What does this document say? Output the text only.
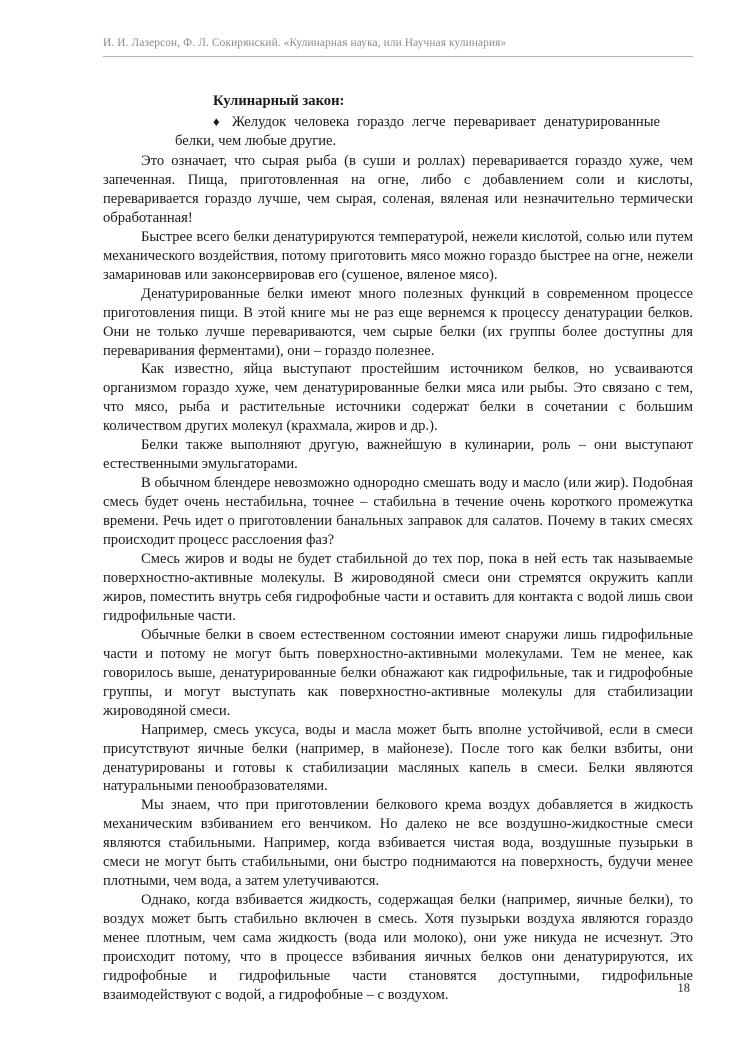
И. И. Лазерсон, Ф. Л. Сокирянский. «Кулинарная наука, или Научная кулинария»
Кулинарный закон:
♦ Желудок человека гораздо легче переваривает денатурированные
белки, чем любые другие.

Это означает, что сырая рыба (в суши и роллах) переваривается гораздо хуже, чем запеченная. Пища, приготовленная на огне, либо с добавлением соли и кислоты, переваривается гораздо лучше, чем сырая, соленая, вяленая или незначительно термически обработанная!

Быстрее всего белки денатурируются температурой, нежели кислотой, солью или путем механического воздействия, потому приготовить мясо можно гораздо быстрее на огне, нежели замариновав или законсервировав его (сушеное, вяленое мясо).

Денатурированные белки имеют много полезных функций в современном процессе приготовления пищи. В этой книге мы не раз еще вернемся к процессу денатурации белков. Они не только лучше перевариваются, чем сырые белки (их группы более доступны для переваривания ферментами), они – гораздо полезнее.

Как известно, яйца выступают простейшим источником белков, но усваиваются организмом гораздо хуже, чем денатурированные белки мяса или рыбы. Это связано с тем, что мясо, рыба и растительные источники содержат белки в сочетании с большим количеством других молекул (крахмала, жиров и др.).

Белки также выполняют другую, важнейшую в кулинарии, роль – они выступают естественными эмульгаторами.

В обычном блендере невозможно однородно смешать воду и масло (или жир). Подобная смесь будет очень нестабильна, точнее – стабильна в течение очень короткого промежутка времени. Речь идет о приготовлении банальных заправок для салатов. Почему в таких смесях происходит процесс расслоения фаз?

Смесь жиров и воды не будет стабильной до тех пор, пока в ней есть так называемые поверхностно-активные молекулы. В жироводяной смеси они стремятся окружить капли жиров, поместить внутрь себя гидрофобные части и оставить для контакта с водой лишь свои гидрофильные части.

Обычные белки в своем естественном состоянии имеют снаружи лишь гидрофильные части и потому не могут быть поверхностно-активными молекулами. Тем не менее, как говорилось выше, денатурированные белки обнажают как гидрофильные, так и гидрофобные группы, и могут выступать как поверхностно-активные молекулы для стабилизации жироводяной смеси.

Например, смесь уксуса, воды и масла может быть вполне устойчивой, если в смеси присутствуют яичные белки (например, в майонезе). После того как белки взбиты, они денатурированы и готовы к стабилизации масляных капель в смеси. Белки являются натуральными пенообразователями.

Мы знаем, что при приготовлении белкового крема воздух добавляется в жидкость механическим взбиванием его венчиком. Но далеко не все воздушно-жидкостные смеси являются стабильными. Например, когда взбивается чистая вода, воздушные пузырьки в смеси не могут быть стабильными, они быстро поднимаются на поверхность, будучи менее плотными, чем вода, а затем улетучиваются.

Однако, когда взбивается жидкость, содержащая белки (например, яичные белки), то воздух может быть стабильно включен в смесь. Хотя пузырьки воздуха являются гораздо менее плотным, чем сама жидкость (вода или молоко), они уже никуда не исчезнут. Это происходит потому, что в процессе взбивания яичных белков они денатурируются, их гидрофобные и гидрофильные части становятся доступными, гидрофильные взаимодействуют с водой, а гидрофобные – с воздухом.	18
